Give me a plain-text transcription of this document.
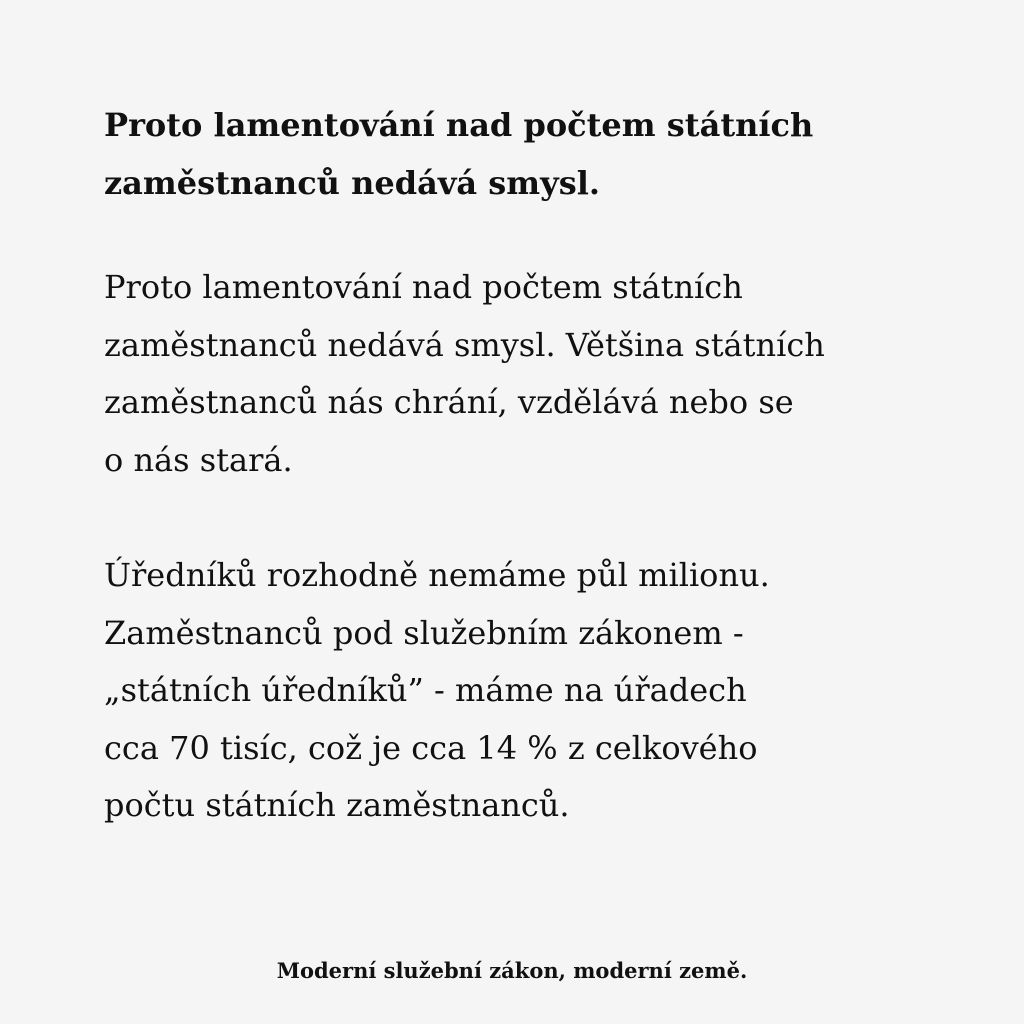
Proto lamentování nad počtem státních
zaměstnanců nedává smysl.

Proto lamentování nad počtem státních
zaměstnanců nedává smysl. Většina státních
zaměstnanců nás chrání, vzdělává nebo se
o nás stará.

Úředníků rozhodně nemáme půl milionu.
Zaměstnanců pod služebním zákonem -
„státních úředníků” - máme na úřadech
cca 70 tisíc, což je cca 14 % z celkového
počtu státních zaměstnanců.

Moderní služební zákon, moderní země.
